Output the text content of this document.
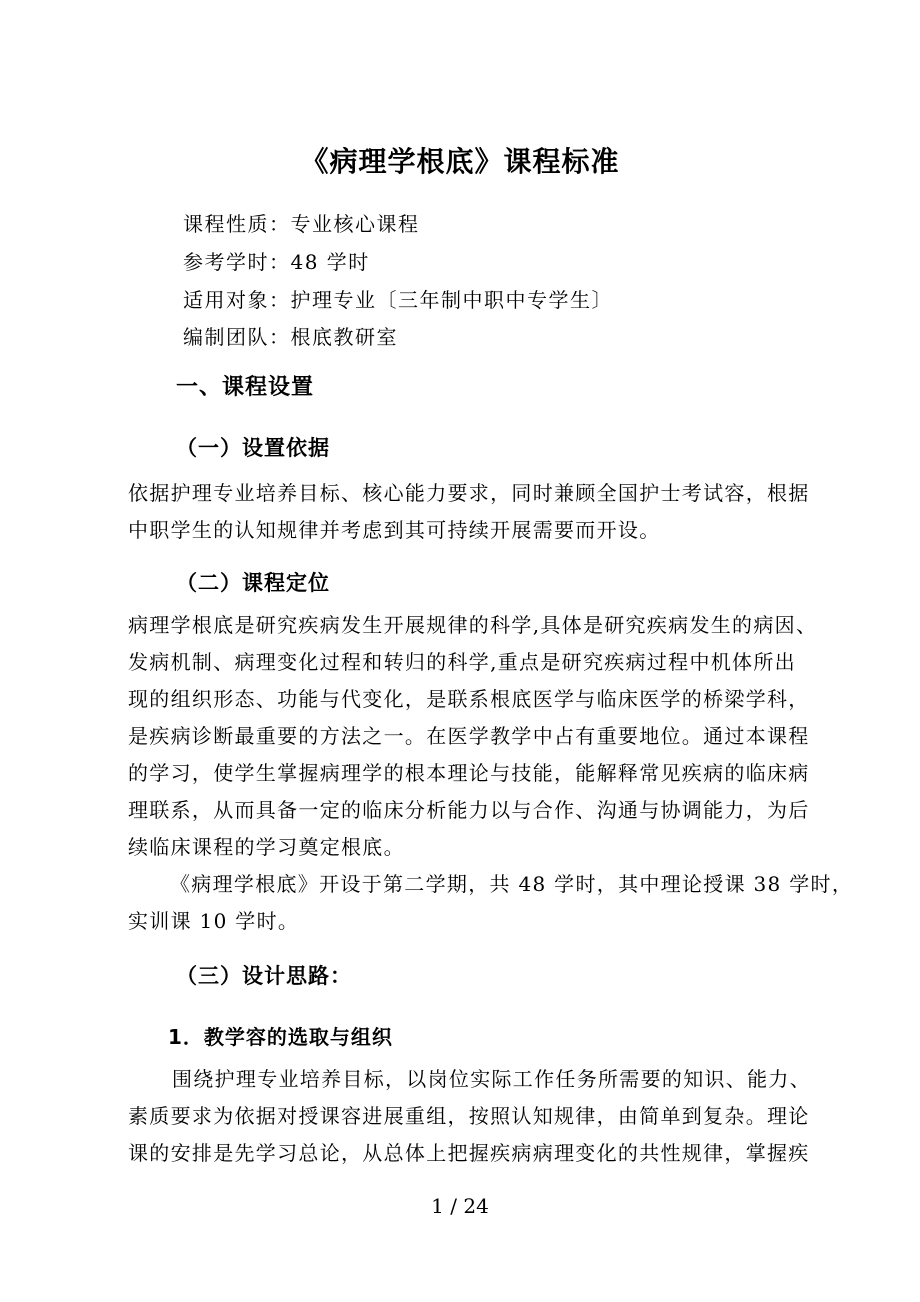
《病理学根底》课程标准
课程性质：专业核心课程
参考学时：48 学时
适用对象：护理专业〔三年制中职中专学生〕
编制团队：根底教研室
一、课程设置
（一）设置依据
依据护理专业培养目标、核心能力要求，同时兼顾全国护士考试容，根据
中职学生的认知规律并考虑到其可持续开展需要而开设。
（二）课程定位
病理学根底是研究疾病发生开展规律的科学,具体是研究疾病发生的病因、
发病机制、病理变化过程和转归的科学,重点是研究疾病过程中机体所出
现的组织形态、功能与代变化，是联系根底医学与临床医学的桥梁学科，
是疾病诊断最重要的方法之一。在医学教学中占有重要地位。通过本课程
的学习，使学生掌握病理学的根本理论与技能，能解释常见疾病的临床病
理联系，从而具备一定的临床分析能力以与合作、沟通与协调能力，为后
续临床课程的学习奠定根底。
《病理学根底》开设于第二学期，共 48 学时，其中理论授课 38 学时，
实训课 10 学时。
（三）设计思路：
1．教学容的选取与组织
围绕护理专业培养目标，以岗位实际工作任务所需要的知识、能力、
素质要求为依据对授课容进展重组，按照认知规律，由简单到复杂。理论
课的安排是先学习总论，从总体上把握疾病病理变化的共性规律，掌握疾
1 / 24
